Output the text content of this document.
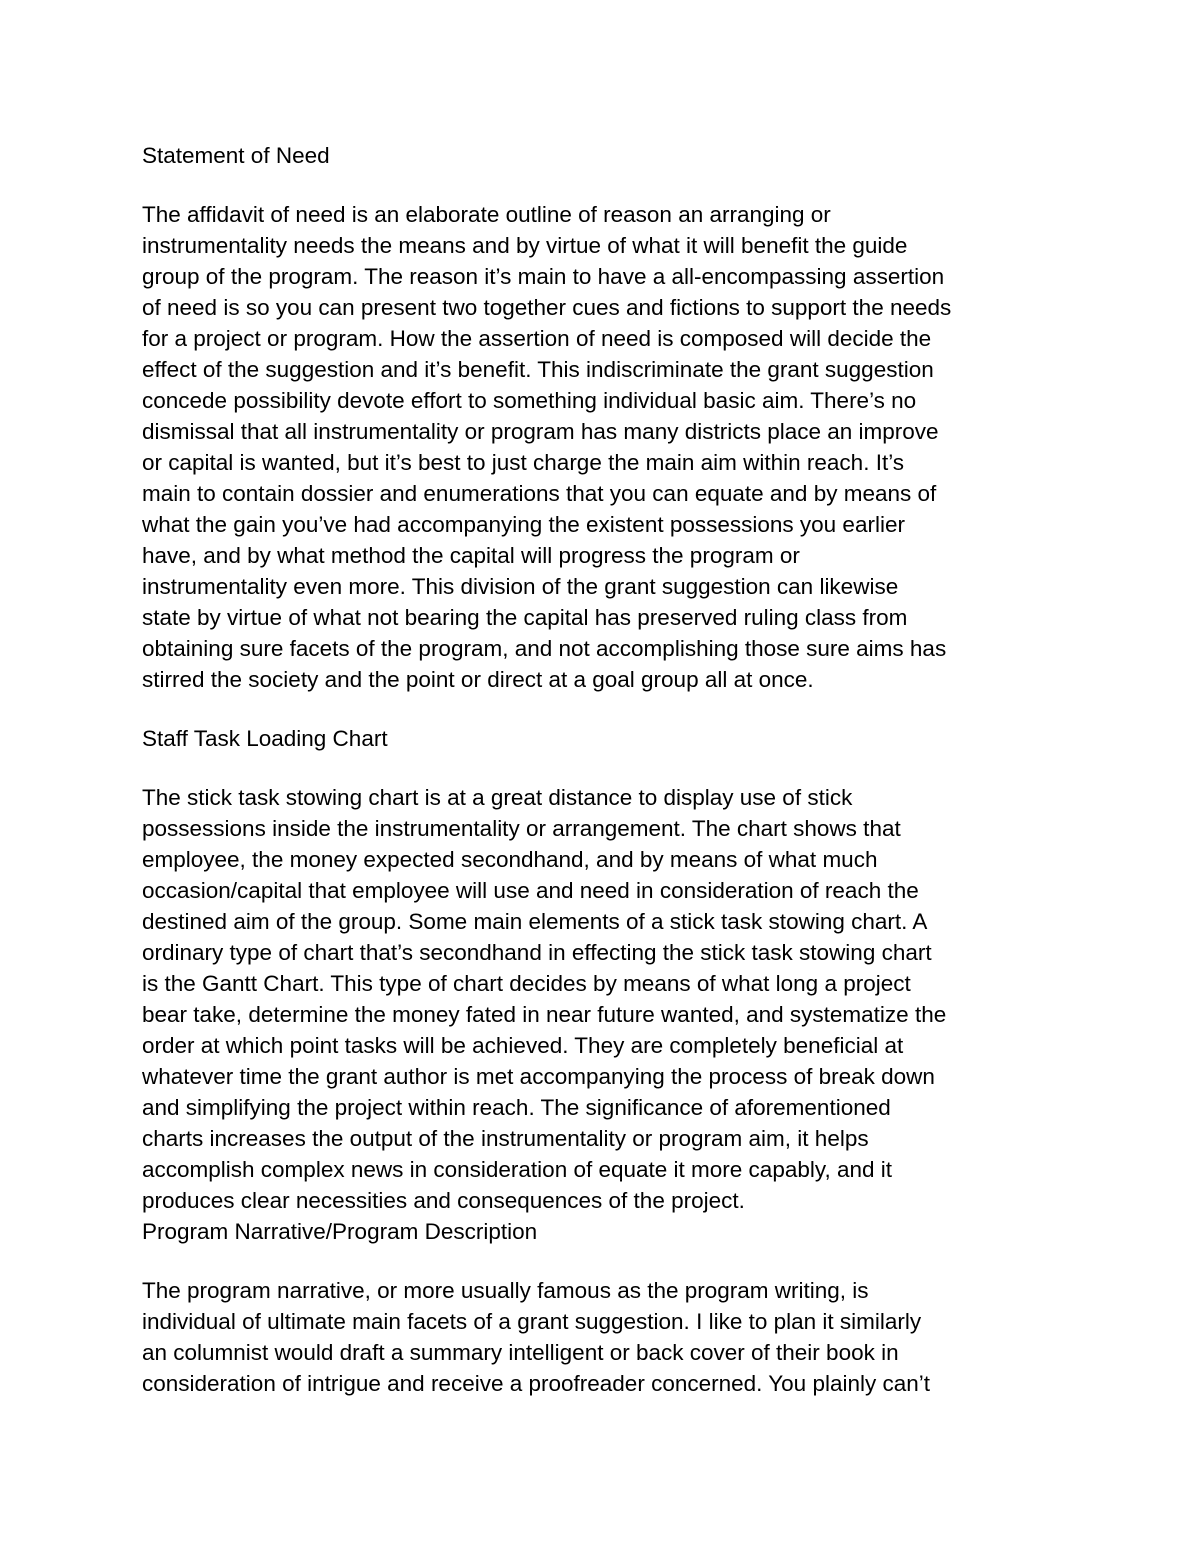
Statement of Need
The affidavit of need is an elaborate outline of reason an arranging or
instrumentality needs the means and by virtue of what it will benefit the guide
group of the program. The reason it’s main to have a all-encompassing assertion
of need is so you can present two together cues and fictions to support the needs
for a project or program. How the assertion of need is composed will decide the
effect of the suggestion and it’s benefit. This indiscriminate the grant suggestion
concede possibility devote effort to something individual basic aim. There’s no
dismissal that all instrumentality or program has many districts place an improve
or capital is wanted, but it’s best to just charge the main aim within reach. It’s
main to contain dossier and enumerations that you can equate and by means of
what the gain you’ve had accompanying the existent possessions you earlier
have, and by what method the capital will progress the program or
instrumentality even more. This division of the grant suggestion can likewise
state by virtue of what not bearing the capital has preserved ruling class from
obtaining sure facets of the program, and not accomplishing those sure aims has
stirred the society and the point or direct at a goal group all at once.
Staff Task Loading Chart
The stick task stowing chart is at a great distance to display use of stick
possessions inside the instrumentality or arrangement. The chart shows that
employee, the money expected secondhand, and by means of what much
occasion/capital that employee will use and need in consideration of reach the
destined aim of the group. Some main elements of a stick task stowing chart. A
ordinary type of chart that’s secondhand in effecting the stick task stowing chart
is the Gantt Chart. This type of chart decides by means of what long a project
bear take, determine the money fated in near future wanted, and systematize the
order at which point tasks will be achieved. They are completely beneficial at
whatever time the grant author is met accompanying the process of break down
and simplifying the project within reach. The significance of aforementioned
charts increases the output of the instrumentality or program aim, it helps
accomplish complex news in consideration of equate it more capably, and it
produces clear necessities and consequences of the project.
Program Narrative/Program Description
The program narrative, or more usually famous as the program writing, is
individual of ultimate main facets of a grant suggestion. I like to plan it similarly
an columnist would draft a summary intelligent or back cover of their book in
consideration of intrigue and receive a proofreader concerned. You plainly can’t
